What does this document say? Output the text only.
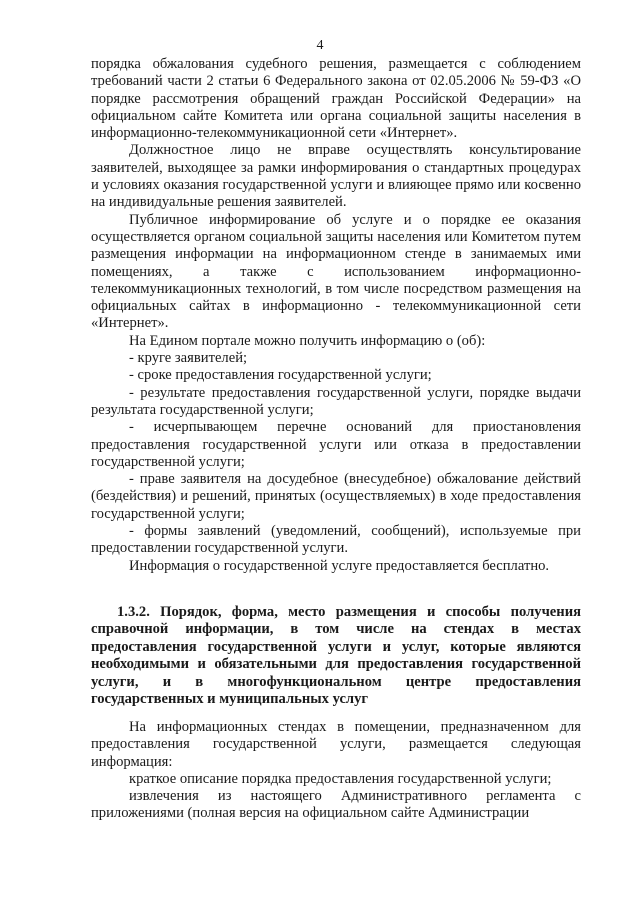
4

порядка обжалования судебного решения, размещается с соблюдением требований части 2 статьи 6 Федерального закона от 02.05.2006 № 59-ФЗ «О порядке рассмотрения обращений граждан Российской Федерации» на официальном сайте Комитета или органа социальной защиты населения в информационно-телекоммуникационной сети «Интернет».

Должностное лицо не вправе осуществлять консультирование заявителей, выходящее за рамки информирования о стандартных процедурах и условиях оказания государственной услуги и влияющее прямо или косвенно на индивидуальные решения заявителей.

Публичное информирование об услуге и о порядке ее оказания осуществляется органом социальной защиты населения или Комитетом путем размещения информации на информационном стенде в занимаемых ими помещениях, а также с использованием информационно-телекоммуникационных технологий, в том числе посредством размещения на официальных сайтах в информационно - телекоммуникационной сети «Интернет».

На Едином портале можно получить информацию о (об):

- круге заявителей;

- сроке предоставления государственной услуги;

- результате предоставления государственной услуги, порядке выдачи результата государственной услуги;

- исчерпывающем перечне оснований для приостановления предоставления государственной услуги или отказа в предоставлении государственной услуги;

- праве заявителя на досудебное (внесудебное) обжалование действий (бездействия) и решений, принятых (осуществляемых) в ходе предоставления государственной услуги;

- формы заявлений (уведомлений, сообщений), используемые при предоставлении государственной услуги.

Информация о государственной услуге предоставляется бесплатно.

1.3.2. Порядок, форма, место размещения и способы получения справочной информации, в том числе на стендах в местах предоставления государственной услуги и услуг, которые являются необходимыми и обязательными для предоставления государственной услуги, и в многофункциональном центре предоставления государственных и муниципальных услуг

На информационных стендах в помещении, предназначенном для предоставления государственной услуги, размещается следующая информация:

краткое описание порядка предоставления государственной услуги;

извлечения из настоящего Административного регламента с приложениями (полная версия на официальном сайте Администрации
